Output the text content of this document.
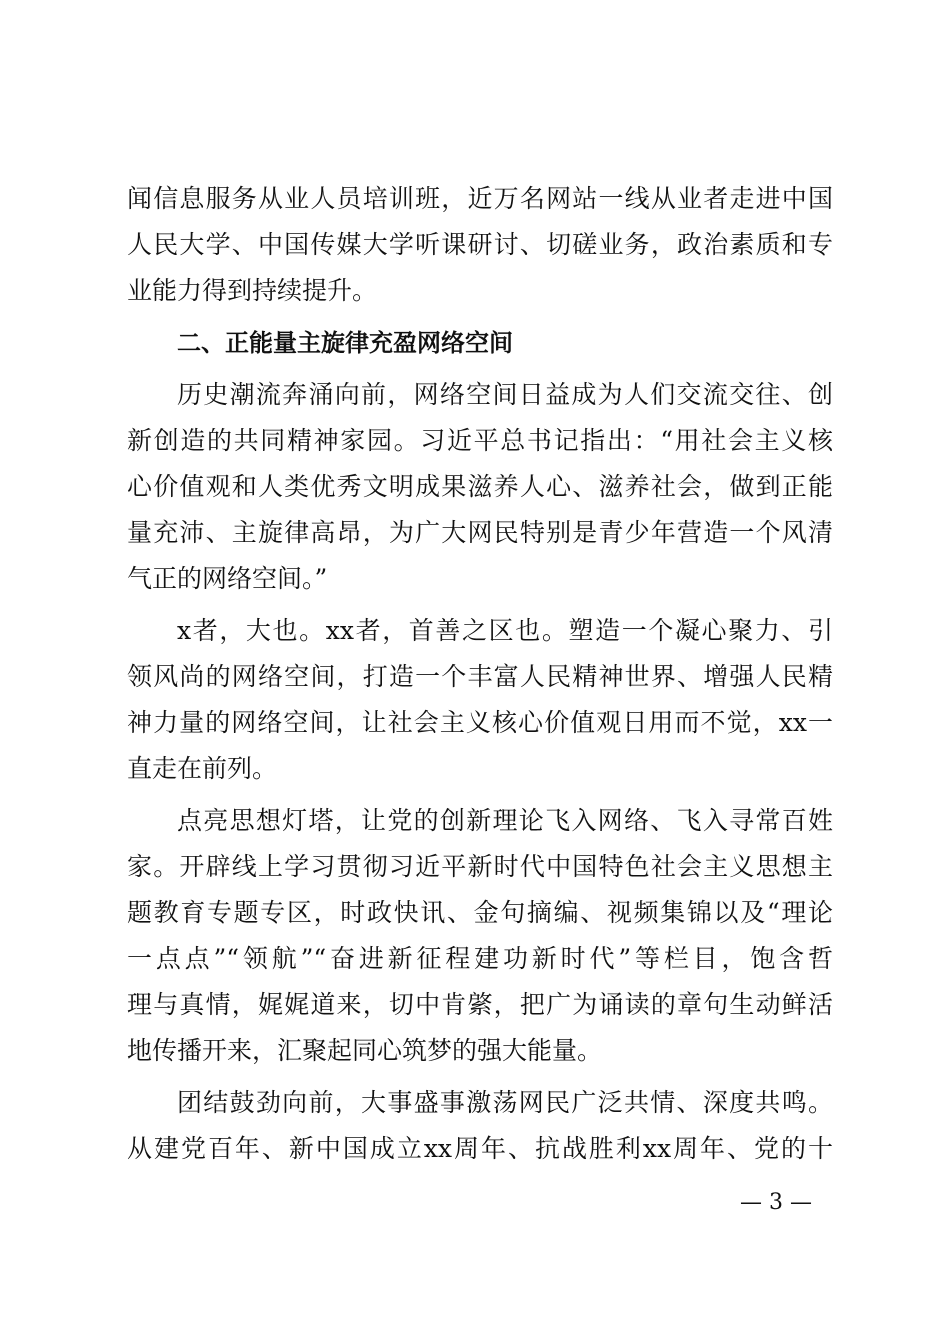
闻信息服务从业人员培训班，近万名网站一线从业者走进中国
人民大学、中国传媒大学听课研讨、切磋业务，政治素质和专
业能力得到持续提升。
二、正能量主旋律充盈网络空间
历史潮流奔涌向前，网络空间日益成为人们交流交往、创
新创造的共同精神家园。习近平总书记指出：“用社会主义核
心价值观和人类优秀文明成果滋养人心、滋养社会，做到正能
量充沛、主旋律高昂，为广大网民特别是青少年营造一个风清
气正的网络空间。”
x者，大也。xx者，首善之区也。塑造一个凝心聚力、引
领风尚的网络空间，打造一个丰富人民精神世界、增强人民精
神力量的网络空间，让社会主义核心价值观日用而不觉，xx一
直走在前列。
点亮思想灯塔，让党的创新理论飞入网络、飞入寻常百姓
家。开辟线上学习贯彻习近平新时代中国特色社会主义思想主
题教育专题专区，时政快讯、金句摘编、视频集锦以及“理论
一点点”“领航”“奋进新征程建功新时代”等栏目，饱含哲
理与真情，娓娓道来，切中肯綮，把广为诵读的章句生动鲜活
地传播开来，汇聚起同心筑梦的强大能量。
团结鼓劲向前，大事盛事激荡网民广泛共情、深度共鸣。
从建党百年、新中国成立xx周年、抗战胜利xx周年、党的十
— 3 —
